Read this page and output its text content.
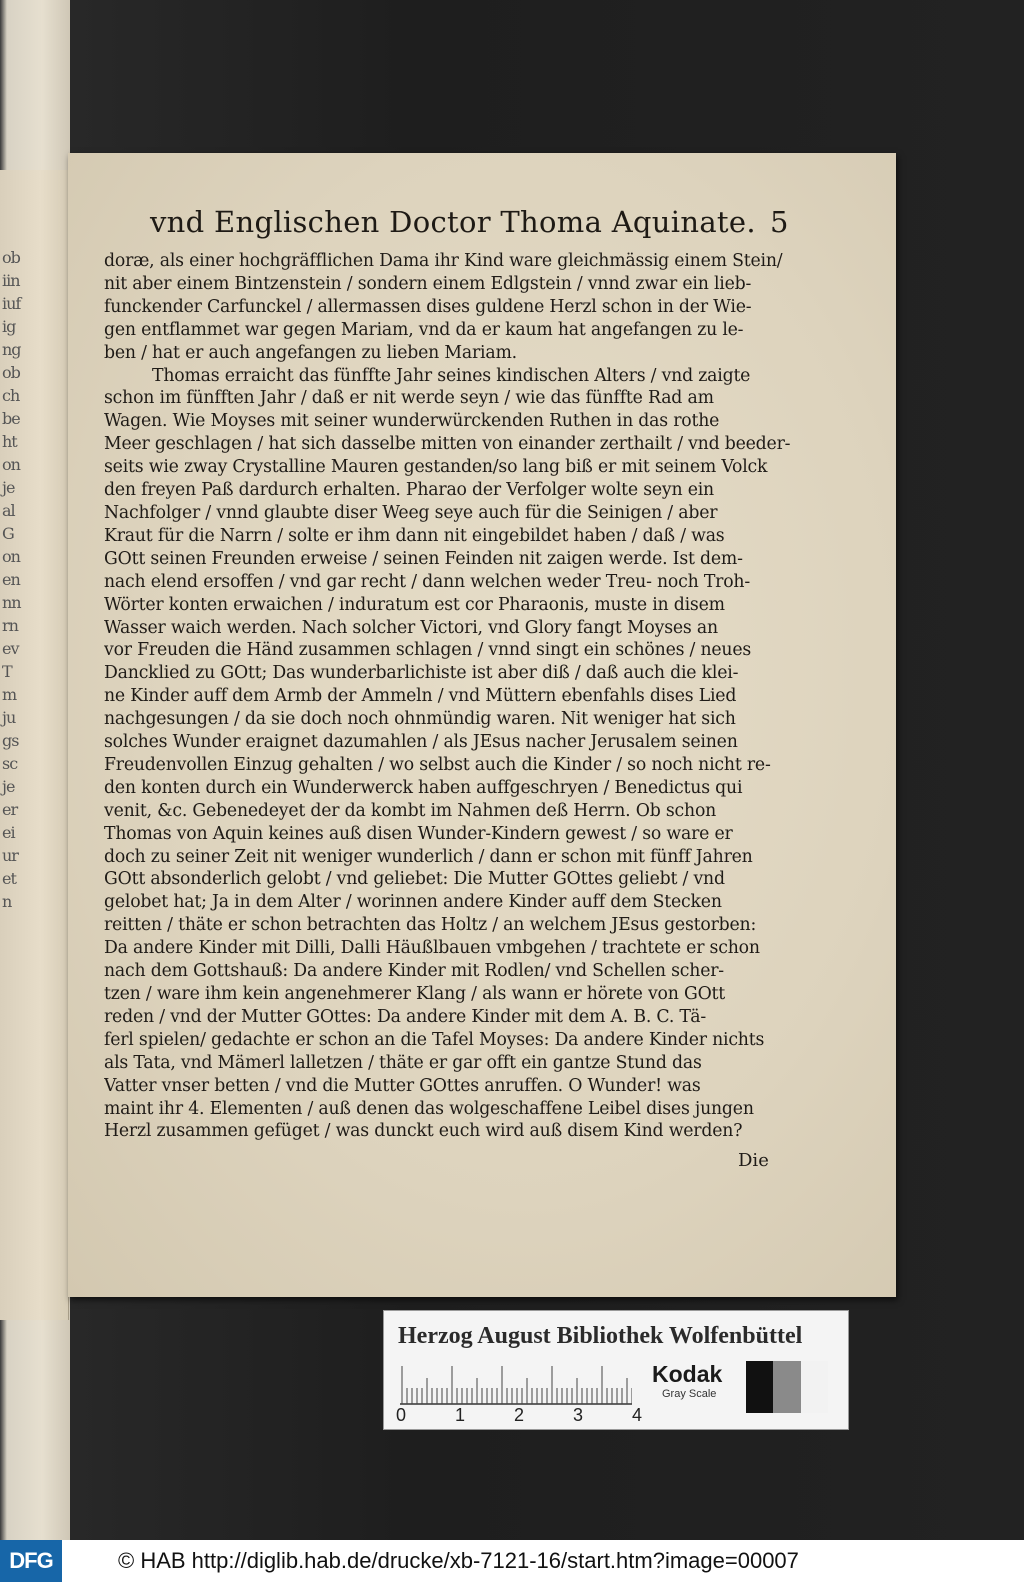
ob
iin
iuf
ig
ng
ob
ch
be
ht
on
je
al
G
on
en
nn
rn
ev
T
m
ju
gs
sc
je
er
ei
ur
et
n
vnd Englischen Doctor Thoma Aquinate. 5
doræ, als einer hochgräfflichen Dama ihr Kind ware gleichmässig einem Stein/
nit aber einem Bintzenstein / sondern einem Edlgstein / vnnd zwar ein lieb-
funckender Carfunckel / allermassen dises guldene Herzl schon in der Wie-
gen entflammet war gegen Mariam, vnd da er kaum hat angefangen zu le-
ben / hat er auch angefangen zu lieben Mariam.
Thomas erraicht das fünffte Jahr seines kindischen Alters / vnd zaigte
schon im fünfften Jahr / daß er nit werde seyn / wie das fünffte Rad am
Wagen. Wie Moyses mit seiner wunderwürckenden Ruthen in das rothe
Meer geschlagen / hat sich dasselbe mitten von einander zerthailt / vnd beeder-
seits wie zway Crystalline Mauren gestanden/so lang biß er mit seinem Volck
den freyen Paß dardurch erhalten. Pharao der Verfolger wolte seyn ein
Nachfolger / vnnd glaubte diser Weeg seye auch für die Seinigen / aber
Kraut für die Narrn / solte er ihm dann nit eingebildet haben / daß / was
GOtt seinen Freunden erweise / seinen Feinden nit zaigen werde. Ist dem-
nach elend ersoffen / vnd gar recht / dann welchen weder Treu- noch Troh-
Wörter konten erwaichen / induratum est cor Pharaonis, muste in disem
Wasser waich werden. Nach solcher Victori, vnd Glory fangt Moyses an
vor Freuden die Händ zusammen schlagen / vnnd singt ein schönes / neues
Dancklied zu GOtt; Das wunderbarlichiste ist aber diß / daß auch die klei-
ne Kinder auff dem Armb der Ammeln / vnd Müttern ebenfahls dises Lied
nachgesungen / da sie doch noch ohnmündig waren. Nit weniger hat sich
solches Wunder eraignet dazumahlen / als JEsus nacher Jerusalem seinen
Freudenvollen Einzug gehalten / wo selbst auch die Kinder / so noch nicht re-
den konten durch ein Wunderwerck haben auffgeschryen / Benedictus qui
venit, &c. Gebenedeyet der da kombt im Nahmen deß Herrn. Ob schon
Thomas von Aquin keines auß disen Wunder-Kindern gewest / so ware er
doch zu seiner Zeit nit weniger wunderlich / dann er schon mit fünff Jahren
GOtt absonderlich gelobt / vnd geliebet: Die Mutter GOttes geliebt / vnd
gelobet hat; Ja in dem Alter / worinnen andere Kinder auff dem Stecken
reitten / thäte er schon betrachten das Holtz / an welchem JEsus gestorben:
Da andere Kinder mit Dilli, Dalli Häußlbauen vmbgehen / trachtete er schon
nach dem Gottshauß: Da andere Kinder mit Rodlen/ vnd Schellen scher-
tzen / ware ihm kein angenehmerer Klang / als wann er hörete von GOtt
reden / vnd der Mutter GOttes: Da andere Kinder mit dem A. B. C. Tä-
ferl spielen/ gedachte er schon an die Tafel Moyses: Da andere Kinder nichts
als Tata, vnd Mämerl lalletzen / thäte er gar offt ein gantze Stund das
Vatter vnser betten / vnd die Mutter GOttes anruffen. O Wunder! was
maint ihr 4. Elementen / auß denen das wolgeschaffene Leibel dises jungen
Herzl zusammen gefüget / was dunckt euch wird auß disem Kind werden?
Die
Herzog August Bibliothek Wolfenbüttel
0	1	2	3	4
Kodak
Gray Scale
DFG	© HAB http://diglib.hab.de/drucke/xb-7121-16/start.htm?image=00007
